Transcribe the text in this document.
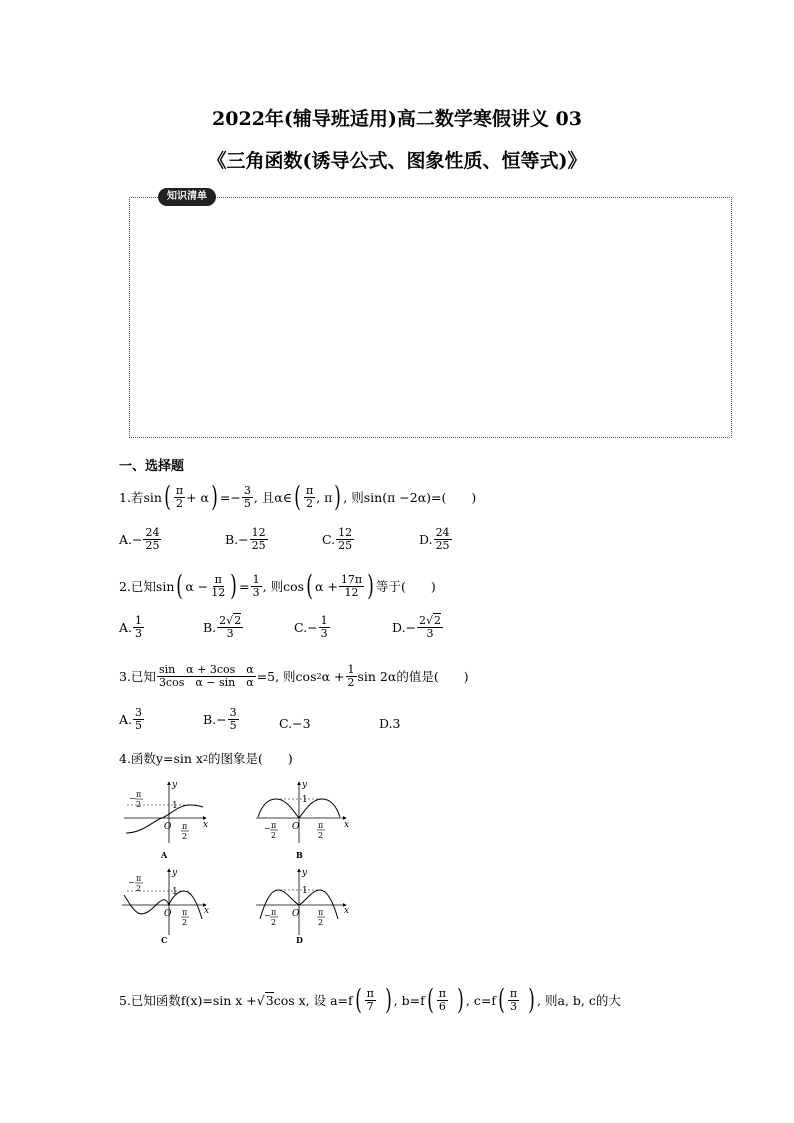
2022年(辅导班适用)高二数学寒假讲义 03
《三角函数(诱导公式、图象性质、恒等式)》
知识清单
一、选择题
1.若 sin ( $\frac{\pi}{2} + \alpha$ ) =− $\frac{3}{5}$ , 且α∈ ( $\frac{\pi}{2}$ , π ) , 则sin(π −2α)=(　　)
$A.- \frac{24}{25}$	$B.- \frac{12}{25}$	C. $\frac{12}{25}$	D. $\frac{24}{25}$
2.已知sin ( $\alpha - \frac{\pi}{12}$ ) = $\frac{1}{3}$ , 则cos ( $\alpha + \frac{17\pi}{12}$ ) 等于(　　)
A. $\frac{1}{3}$	B. $\frac{2√2}{3}$	$C.- \frac{1}{3}$	$D.- \frac{2√2}{3}$
3.已知 $\frac{\text{sin　α + 3cos　α}}{\text{3cos　α − sin　α}} =5$, 则cos 2 $\alpha + \frac{1}{2}$ sin 2α的值是(　　)
A. $\frac{3}{5}$	$B.- \frac{3}{5}$	C.−3	D.3
4.函数y=sin x 2 的图象是(　　)
y
x
O
1
− π
2
π
2
A
y
x
O
1
− π
2
π
2
B
y
x
O
1
− π
2
π
2
C
y
x
O
1
− π
2
π
2
D
5.已知函数f(x)=sin x + √3 cos x, 设 a=f ( $\frac{\pi}{7}$ ) , b=f ( $\frac{\pi}{6}$ ) , c=f ( $\frac{\pi}{3}$ ) , 则a, b, c的大
